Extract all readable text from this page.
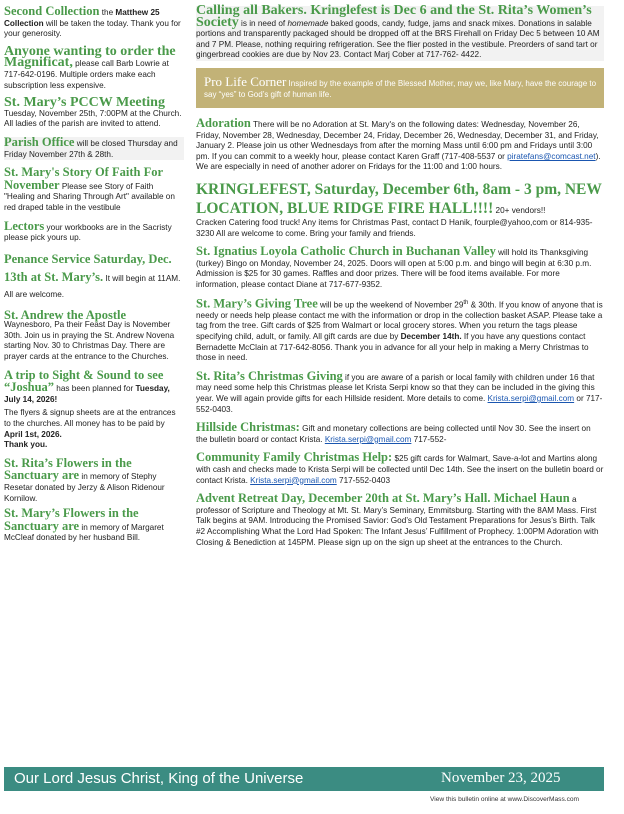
Second Collection the Matthew 25 Collection will be taken the today. Thank you for your generosity.
Anyone wanting to order the Magnificat, please call Barb Lowrie at 717-642-0196. Multiple orders make each subscription less expensive.
St. Mary’s PCCW Meeting
Tuesday, November 25th, 7:00PM at the Church. All ladies of the parish are invited to attend.
Parish Office will be closed Thursday and Friday November 27th & 28th.
St. Mary's Story Of Faith For November Please see Story of Faith "Healing and Sharing Through Art" available on red draped table in the vestibule
Lectors your workbooks are in the Sacristy please pick yours up.
Penance Service Saturday, Dec. 13th at St. Mary’s. It will begin at 11AM. All are welcome.
St. Andrew the Apostle
Waynesboro, Pa their Feast Day is November 30th. Join us in praying the St. Andrew Novena starting Nov. 30 to Christmas Day. There are prayer cards at the entrance to the Churches.
A trip to Sight & Sound to see “Joshua” has been planned for Tuesday, July 14, 2026!
The flyers & signup sheets are at the entrances to the churches. All money has to be paid by April 1st, 2026.
Thank you.
St. Rita’s Flowers in the Sanctuary are in memory of Stephy Resetar donated by Jerzy & Alison Ridenour Kornilow.
St. Mary’s Flowers in the Sanctuary are in memory of Margaret McCleaf donated by her husband Bill.
Calling all Bakers. Kringlefest is Dec 6 and the St. Rita’s Women’s Society is in need of homemade baked goods, candy, fudge, jams and snack mixes. Donations in salable portions and transparently packaged should be dropped off at the BRS Firehall on Friday Dec 5 between 10 AM and 7 PM. Please, nothing requiring refrigeration. See the flier posted in the vestibule. Preorders of sand tart or gingerbread cookies are due by Nov 23. Contact Marj Cober at 717-762- 4422.
Pro Life Corner Inspired by the example of the Blessed Mother, may we, like Mary, have the courage to say “yes” to God’s gift of human life.
Adoration There will be no Adoration at St. Mary's on the following dates: Wednesday, November 26, Friday, November 28, Wednesday, December 24, Friday, December 26, Wednesday, December 31, and Friday, January 2. Please join us other Wednesdays from after the morning Mass until 6:00 pm and Fridays until 3:00 pm. If you can commit to a weekly hour, please contact Karen Graff (717-408-5537 or piratefans@comcast.net). We are especially in need of another adorer on Fridays for the 11:00 and 1:00 hours.
KRINGLEFEST, Saturday, December 6th, 8am - 3 pm, NEW LOCATION, BLUE RIDGE FIRE HALL!!!! 20+ vendors!!
Cracken Catering food truck! Any items for Christmas Past, contact D Hanik, fourple@yahoo,com or 814-935-3230 All are welcome to come. Bring your family and friends.
St. Ignatius Loyola Catholic Church in Buchanan Valley will hold its Thanksgiving (turkey) Bingo on Monday, November 24, 2025. Doors will open at 5:00 p.m. and bingo will begin at 6:30 p.m. Admission is $25 for 30 games. Raffles and door prizes. There will be food items available. For more information, please contact Diane at 717-677-9352.
St. Mary’s Giving Tree will be up the weekend of November 29th & 30th. If you know of anyone that is needy or needs help please contact me with the information or drop in the collection basket ASAP. Please take a tag from the tree. Gift cards of $25 from Walmart or local grocery stores. When you return the tags please specifying child, adult, or family. All gift cards are due by December 14th. If you have any questions contact Bernadette McClain at 717-642-8056. Thank you in advance for all your help in making a Merry Christmas to those in need.
St. Rita’s Christmas Giving if you are aware of a parish or local family with children under 16 that may need some help this Christmas please let Krista Serpi know so that they can be included in the giving this year. We will again provide gifts for each Hillside resident. More details to come. Krista.serpi@gmail.com or 717-552-0403.
Hillside Christmas: Gift and monetary collections are being collected until Nov 30. See the insert on the bulletin board or contact Krista. Krista.serpi@gmail.com 717-552-
Community Family Christmas Help: $25 gift cards for Walmart, Save-a-lot and Martins along with cash and checks made to Krista Serpi will be collected until Dec 14th. See the insert on the bulletin board or contact Krista. Krista.serpi@gmail.com 717-552-0403
Advent Retreat Day, December 20th at St. Mary’s Hall. Michael Haun a professor of Scripture and Theology at Mt. St. Mary’s Seminary, Emmitsburg. Starting with the 8AM Mass. First Talk begins at 9AM. Introducing the Promised Savior: God’s Old Testament Preparations for Jesus’s Birth. Talk #2 Accomplishing What the Lord Had Spoken: The Infant Jesus’ Fulfillment of Prophecy. 1:00PM Adoration with Closing & Benediction at 145PM. Please sign up on the sign up sheet at the entrances to the Church.
Our Lord Jesus Christ, King of the Universe	November 23, 2025
View this bulletin online at www.DiscoverMass.com
